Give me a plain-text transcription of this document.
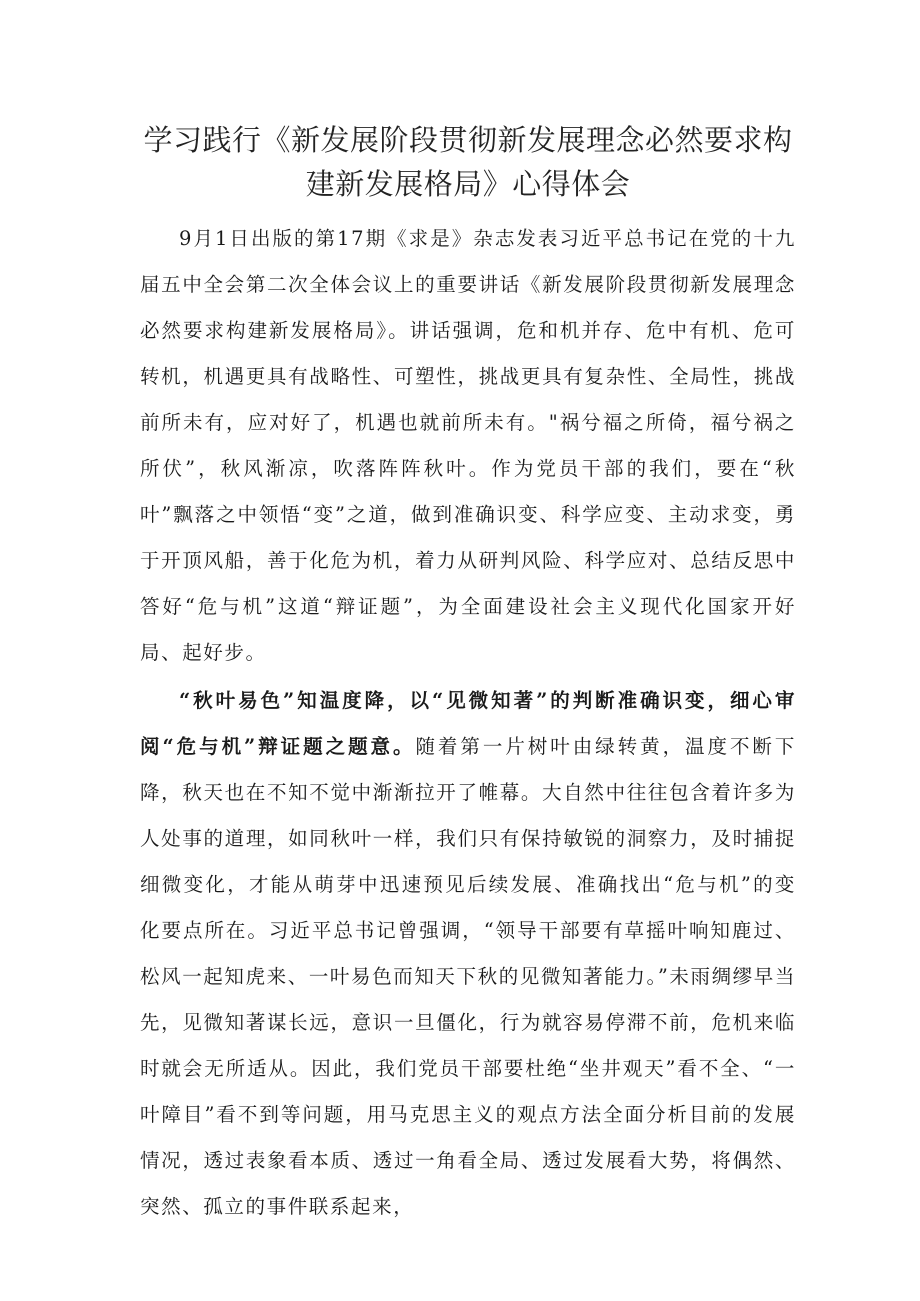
学习践行《新发展阶段贯彻新发展理念必然要求构
建新发展格局》心得体会

9月1日出版的第17期《求是》杂志发表习近平总书记在党的十九届五中全会第二次全体会议上的重要讲话《新发展阶段贯彻新发展理念必然要求构建新发展格局》。讲话强调，危和机并存、危中有机、危可转机，机遇更具有战略性、可塑性，挑战更具有复杂性、全局性，挑战前所未有，应对好了，机遇也就前所未有。"祸兮福之所倚，福兮祸之所伏”，秋风渐凉，吹落阵阵秋叶。作为党员干部的我们，要在“秋叶”飘落之中领悟“变”之道，做到准确识变、科学应变、主动求变，勇于开顶风船，善于化危为机，着力从研判风险、科学应对、总结反思中答好“危与机”这道“辩证题”，为全面建设社会主义现代化国家开好局、起好步。

“秋叶易色”知温度降，以“见微知著”的判断准确识变，细心审阅“危与机”辩证题之题意。随着第一片树叶由绿转黄，温度不断下降，秋天也在不知不觉中渐渐拉开了帷幕。大自然中往往包含着许多为人处事的道理，如同秋叶一样，我们只有保持敏锐的洞察力，及时捕捉细微变化，才能从萌芽中迅速预见后续发展、准确找出“危与机”的变化要点所在。习近平总书记曾强调，“领导干部要有草摇叶响知鹿过、松风一起知虎来、一叶易色而知天下秋的见微知著能力。”未雨绸缪早当先，见微知著谋长远，意识一旦僵化，行为就容易停滞不前，危机来临时就会无所适从。因此，我们党员干部要杜绝“坐井观天”看不全、“一叶障目”看不到等问题，用马克思主义的观点方法全面分析目前的发展情况，透过表象看本质、透过一角看全局、透过发展看大势，将偶然、突然、孤立的事件联系起来，
